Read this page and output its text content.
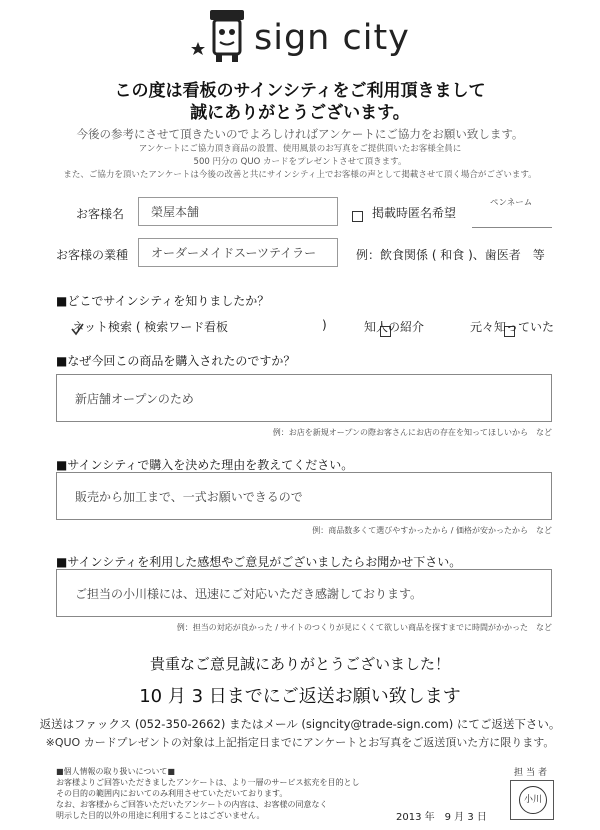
sign city
この度は看板のサインシティをご利用頂きまして
誠にありがとうございます。
今後の参考にさせて頂きたいのでよろしければアンケートにご協力をお願い致します。
アンケートにご協力頂き商品の設置、使用風景のお写真をご提供頂いたお客様全員に
500 円分の QUO カードをプレゼントさせて頂きます。
また、ご協力を頂いたアンケートは今後の改善と共にサインシティ上でお客様の声として掲載させて頂く場合がございます。
お客様名	榮屋本舗
	掲載時匿名希望
ペンネーム
お客様の業種	オーダーメイドスーツテイラー	例：飲食関係 ( 和食 )、歯医者　等
■どこでサインシティを知りましたか？

ネット検索 ( 検索ワード 看板	)
	知人の紹介	元々知っていた
■なぜ今回この商品を購入されたのですか？
新店舗オープンのため
例：お店を新規オープンの際お客さんにお店の存在を知ってほしいから　など
■サインシティで購入を決めた理由を教えてください。
販売から加工まで、一式お願いできるので
例：商品数多くて選びやすかったから / 価格が安かったから　など
■サインシティを利用した感想やご意見がございましたらお聞かせ下さい。
ご担当の小川様には、迅速にご対応いただき感謝しております。
例：担当の対応が良かった / サイトのつくりが見にくくて欲しい商品を探すまでに時間がかかった　など
貴重なご意見誠にありがとうございました！
10 月 3 日までにご返送お願い致します
返送はファックス (052-350-2662) またはメール (signcity@trade-sign.com) にてご返送下さい。
※QUO カードプレゼントの対象は上記指定日までにアンケートとお写真をご返送頂いた方に限ります。
■個人情報の取り扱いについて■
お客様よりご回答いただきましたアンケートは、より一層のサービス拡充を目的とし
その目的の範囲内においてのみ利用させていただいております。
なお、お客様からご回答いただいたアンケートの内容は、お客様の同意なく
明示した目的以外の用途に利用することはございません。	2013 年　9 月 3 日
担当者
小川
